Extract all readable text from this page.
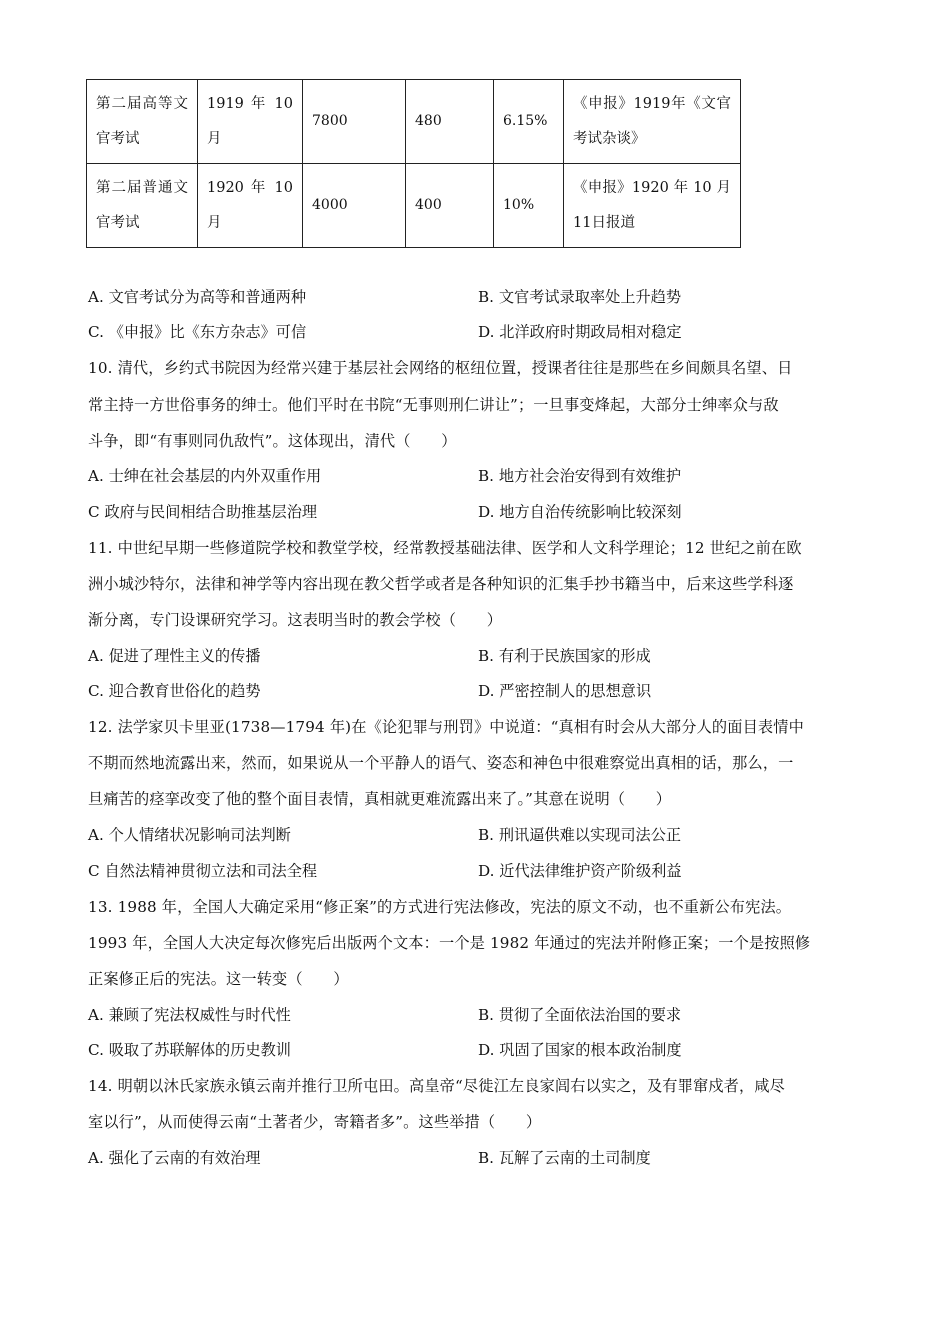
第二届高等文官考试	1919 年 10 月	7800	480	6.15%	《申报》1919年《文官考试杂谈》
第二届普通文官考试	1920 年 10 月	4000	400	10%	《申报》1920 年 10 月11日报道
A. 文官考试分为高等和普通两种	B. 文官考试录取率处上升趋势
C. 《申报》比《东方杂志》可信	D. 北洋政府时期政局相对稳定
10. 清代，乡约式书院因为经常兴建于基层社会网络的枢纽位置，授课者往往是那些在乡间颇具名望、日
常主持一方世俗事务的绅士。他们平时在书院“无事则刑仁讲让”；一旦事变烽起，大部分士绅率众与敌
斗争，即“有事则同仇敌忾”。这体现出，清代（　　）
A. 士绅在社会基层的内外双重作用	B. 地方社会治安得到有效维护
C 政府与民间相结合助推基层治理	D. 地方自治传统影响比较深刻
11. 中世纪早期一些修道院学校和教堂学校，经常教授基础法律、医学和人文科学理论；12 世纪之前在欧
洲小城沙特尔，法律和神学等内容出现在教父哲学或者是各种知识的汇集手抄书籍当中，后来这些学科逐
渐分离，专门设课研究学习。这表明当时的教会学校（　　）
A. 促进了理性主义的传播	B. 有利于民族国家的形成
C. 迎合教育世俗化的趋势	D. 严密控制人的思想意识
12. 法学家贝卡里亚(1738—1794 年)在《论犯罪与刑罚》中说道：“真相有时会从大部分人的面目表情中
不期而然地流露出来，然而，如果说从一个平静人的语气、姿态和神色中很难察觉出真相的话，那么，一
旦痛苦的痉挛改变了他的整个面目表情，真相就更难流露出来了。”其意在说明（　　）
A. 个人情绪状况影响司法判断	B. 刑讯逼供难以实现司法公正
C 自然法精神贯彻立法和司法全程	D. 近代法律维护资产阶级利益
13. 1988 年，全国人大确定采用“修正案”的方式进行宪法修改，宪法的原文不动，也不重新公布宪法。
1993 年，全国人大决定每次修宪后出版两个文本：一个是 1982 年通过的宪法并附修正案；一个是按照修
正案修正后的宪法。这一转变（　　）
A. 兼顾了宪法权威性与时代性	B. 贯彻了全面依法治国的要求
C. 吸取了苏联解体的历史教训	D. 巩固了国家的根本政治制度
14. 明朝以沐氏家族永镇云南并推行卫所屯田。高皇帝“尽徙江左良家闾右以实之，及有罪窜戍者，咸尽
室以行”，从而使得云南“土著者少，寄籍者多”。这些举措（　　）
A. 强化了云南的有效治理	B. 瓦解了云南的土司制度
